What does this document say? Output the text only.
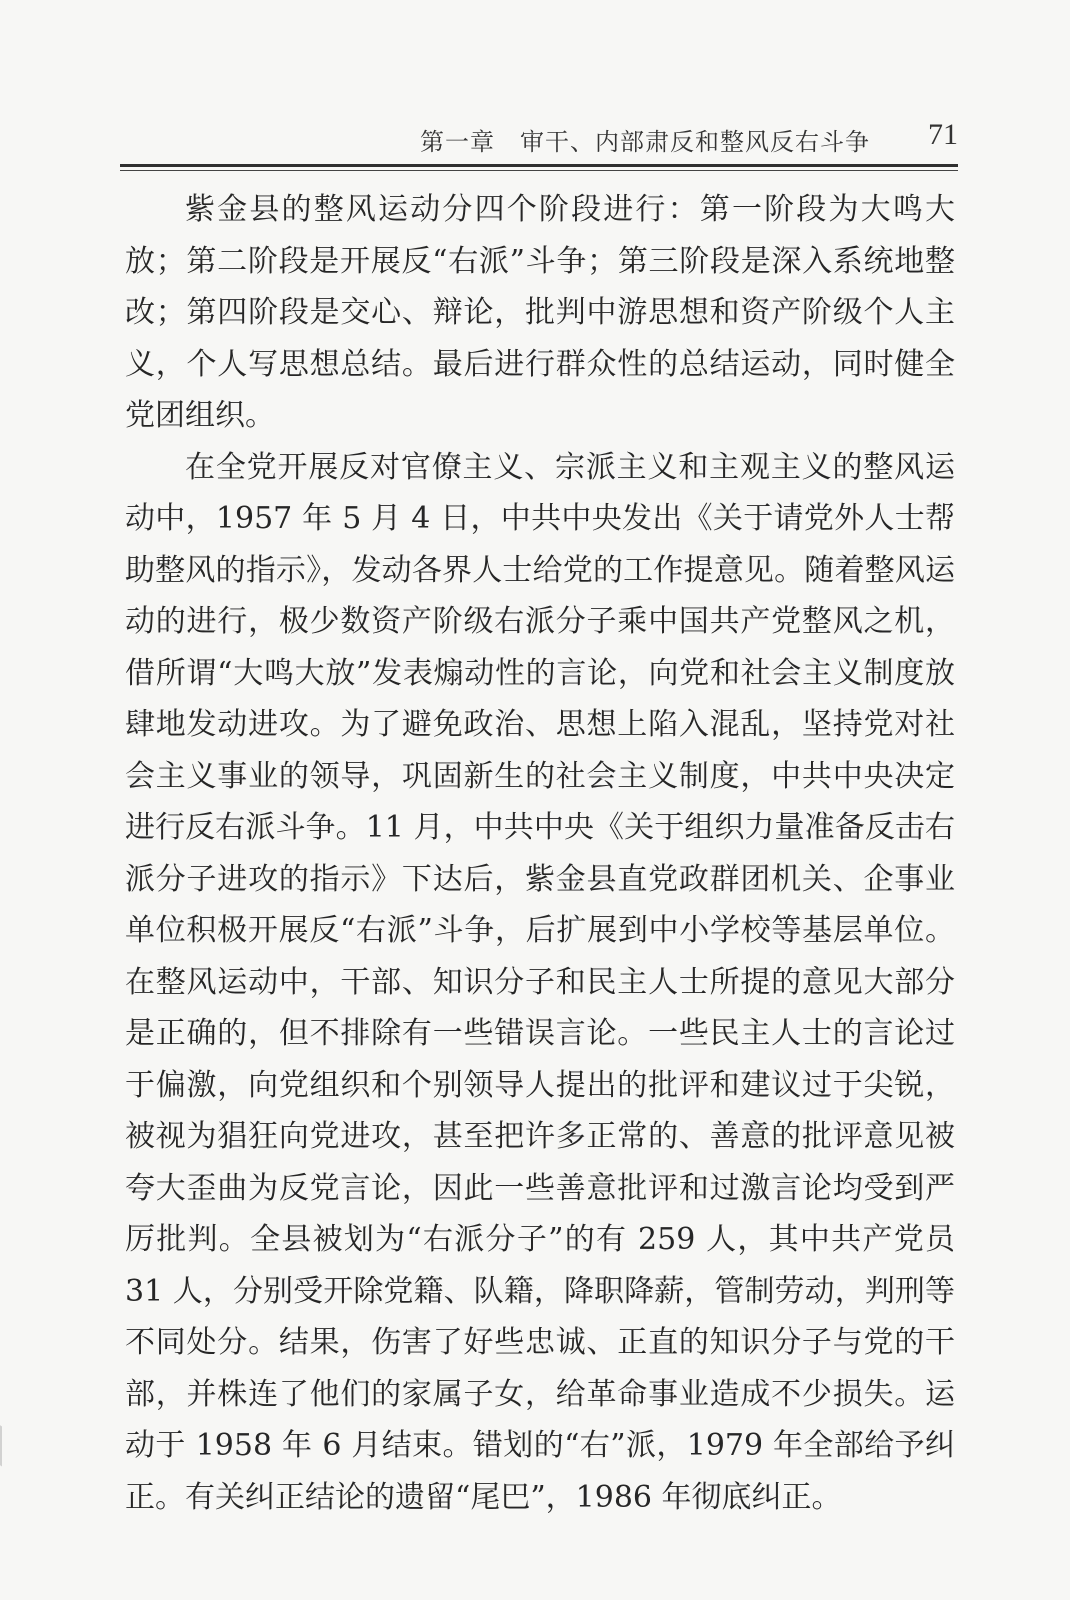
第一章　审干、内部肃反和整风反右斗争 71

紫金县的整风运动分四个阶段进行：第一阶段为大鸣大放；第二阶段是开展反“右派”斗争；第三阶段是深入系统地整改；第四阶段是交心、辩论，批判中游思想和资产阶级个人主义，个人写思想总结。最后进行群众性的总结运动，同时健全党团组织。

在全党开展反对官僚主义、宗派主义和主观主义的整风运动中，1957 年 5 月 4 日，中共中央发出《关于请党外人士帮助整风的指示》，发动各界人士给党的工作提意见。随着整风运动的进行，极少数资产阶级右派分子乘中国共产党整风之机，借所谓“大鸣大放”发表煽动性的言论，向党和社会主义制度放肆地发动进攻。为了避免政治、思想上陷入混乱，坚持党对社会主义事业的领导，巩固新生的社会主义制度，中共中央决定进行反右派斗争。11 月，中共中央《关于组织力量准备反击右派分子进攻的指示》下达后，紫金县直党政群团机关、企事业单位积极开展反“右派”斗争，后扩展到中小学校等基层单位。在整风运动中，干部、知识分子和民主人士所提的意见大部分是正确的，但不排除有一些错误言论。一些民主人士的言论过于偏激，向党组织和个别领导人提出的批评和建议过于尖锐，被视为猖狂向党进攻，甚至把许多正常的、善意的批评意见被夸大歪曲为反党言论，因此一些善意批评和过激言论均受到严厉批判。全县被划为“右派分子”的有 259 人，其中共产党员 31 人，分别受开除党籍、队籍，降职降薪，管制劳动，判刑等不同处分。结果，伤害了好些忠诚、正直的知识分子与党的干部，并株连了他们的家属子女，给革命事业造成不少损失。运动于 1958 年 6 月结束。错划的“右”派，1979 年全部给予纠正。有关纠正结论的遗留“尾巴”，1986 年彻底纠正。
